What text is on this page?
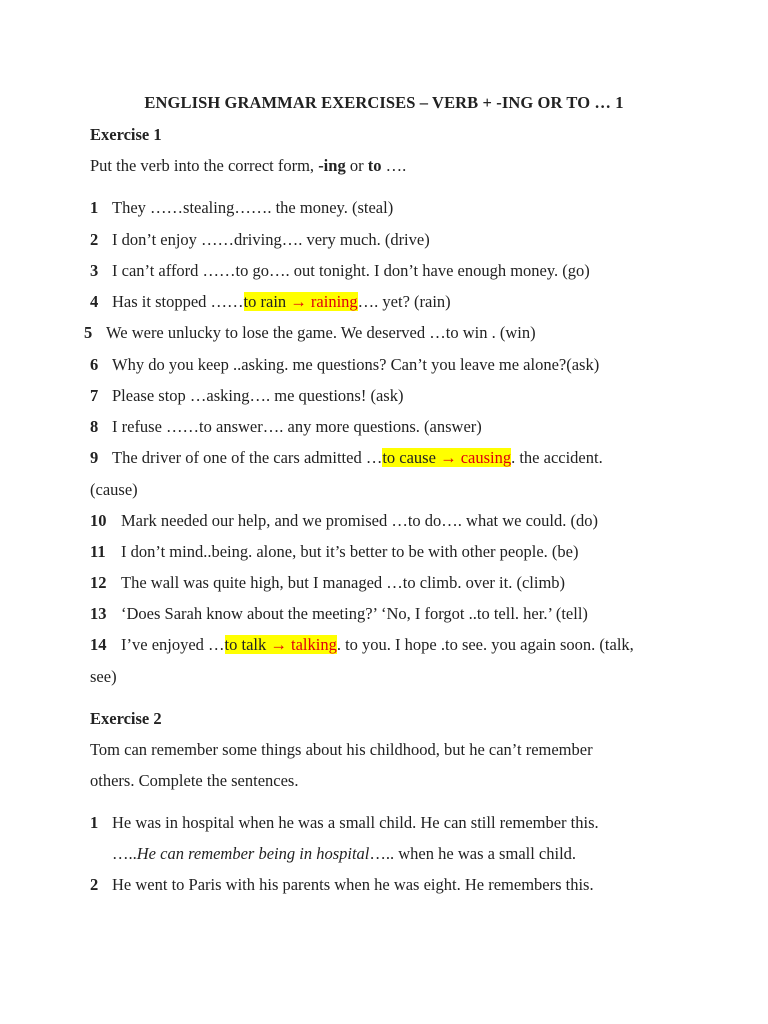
ENGLISH GRAMMAR EXERCISES – VERB + -ING OR TO … 1
Exercise 1
Put the verb into the correct form, -ing or to ….
1 They ……stealing……. the money. (steal)
2 I don’t enjoy ……driving…. very much. (drive)
3 I can’t afford ……to go…. out tonight. I don’t have enough money. (go)
4 Has it stopped ……to rain → raining…. yet? (rain)
5 We were unlucky to lose the game. We deserved …to win . (win)
6 Why do you keep ..asking. me questions? Can’t you leave me alone?(ask)
7 Please stop …asking…. me questions! (ask)
8 I refuse ……to answer…. any more questions. (answer)
9 The driver of one of the cars admitted …to cause → causing. the accident.
(cause)
10 Mark needed our help, and we promised …to do…. what we could. (do)
11 I don’t mind..being. alone, but it’s better to be with other people. (be)
12 The wall was quite high, but I managed …to climb. over it. (climb)
13 ‘Does Sarah know about the meeting?’ ‘No, I forgot ..to tell. her.’ (tell)
14 I’ve enjoyed …to talk → talking. to you. I hope .to see. you again soon. (talk,
see)
Exercise 2
Tom can remember some things about his childhood, but he can’t remember
others. Complete the sentences.
1 He was in hospital when he was a small child. He can still remember this.
…..He can remember being in hospital….. when he was a small child.
2 He went to Paris with his parents when he was eight. He remembers this.
